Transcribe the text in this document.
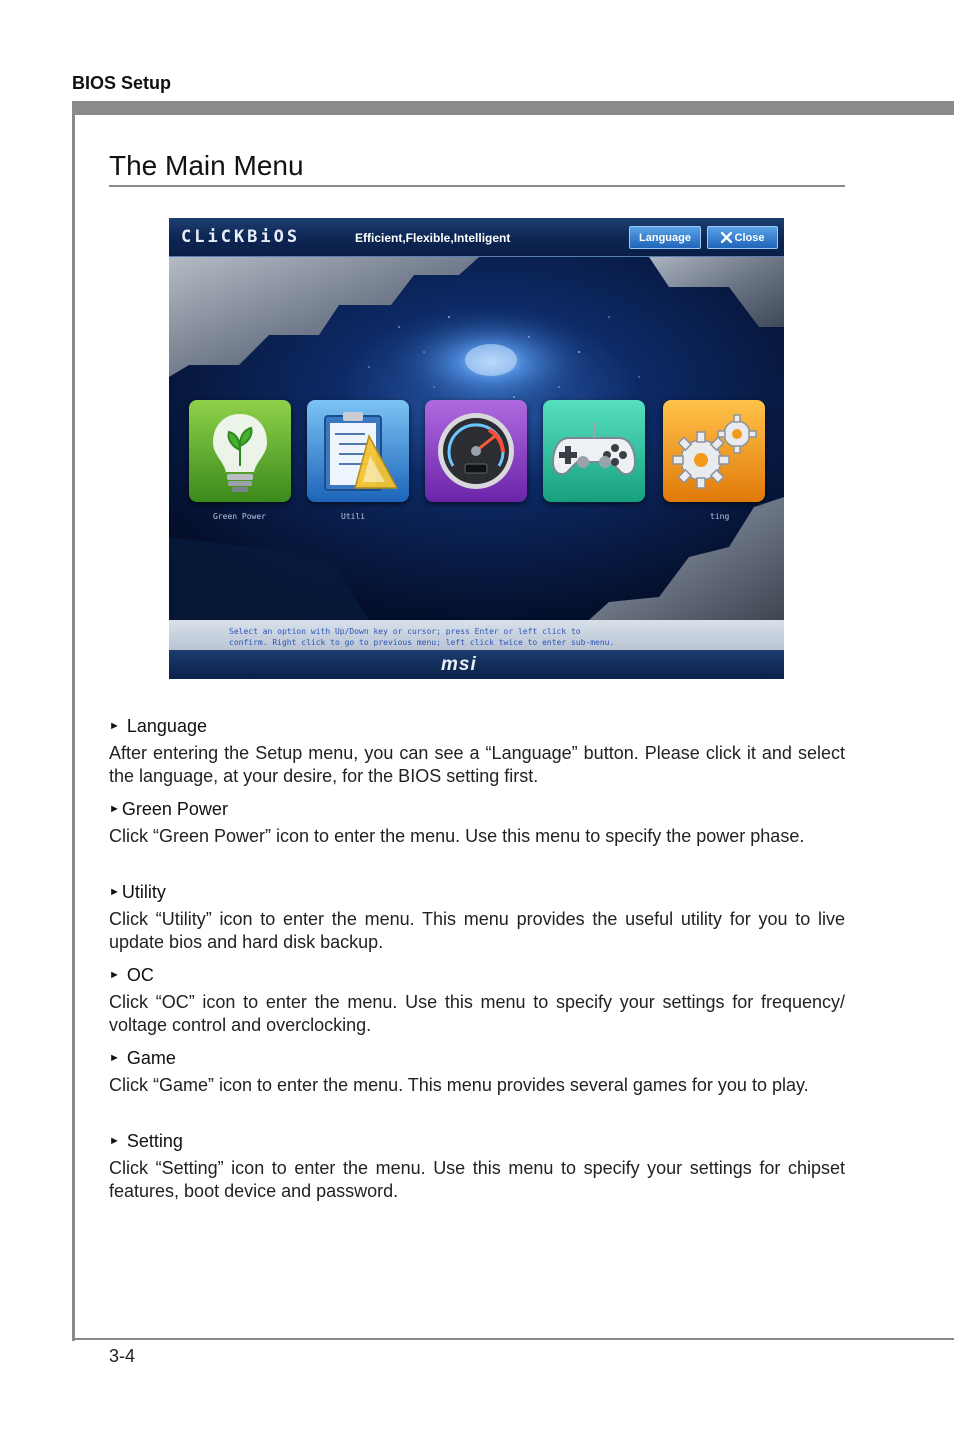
BIOS Setup
The Main Menu
CLiCKBiOS	Efficient,Flexible,Intelligent	Language	Close
Green Power	Utili	ting
Select an option with Up/Down key or cursor; press Enter or left click to
confirm. Right click to go to previous menu; left click twice to enter sub-menu.
msi
► Language

After entering the Setup menu, you can see a “Language” button. Please click it and select the language, at your desire, for the BIOS setting first.

► Green Power

Click “Green Power” icon to enter the menu. Use this menu to specify the power phase.

► Utility

Click “Utility” icon to enter the menu. This menu provides the useful utility for you to live update bios and hard disk backup.

► OC

Click “OC” icon to enter the menu. Use this menu to specify your settings for frequency/ voltage control and overclocking.

► Game

Click “Game” icon to enter the menu. This menu provides several games for you to play.

► Setting

Click “Setting” icon to enter the menu. Use this menu to specify your settings for chipset features, boot device and password.

3-4
